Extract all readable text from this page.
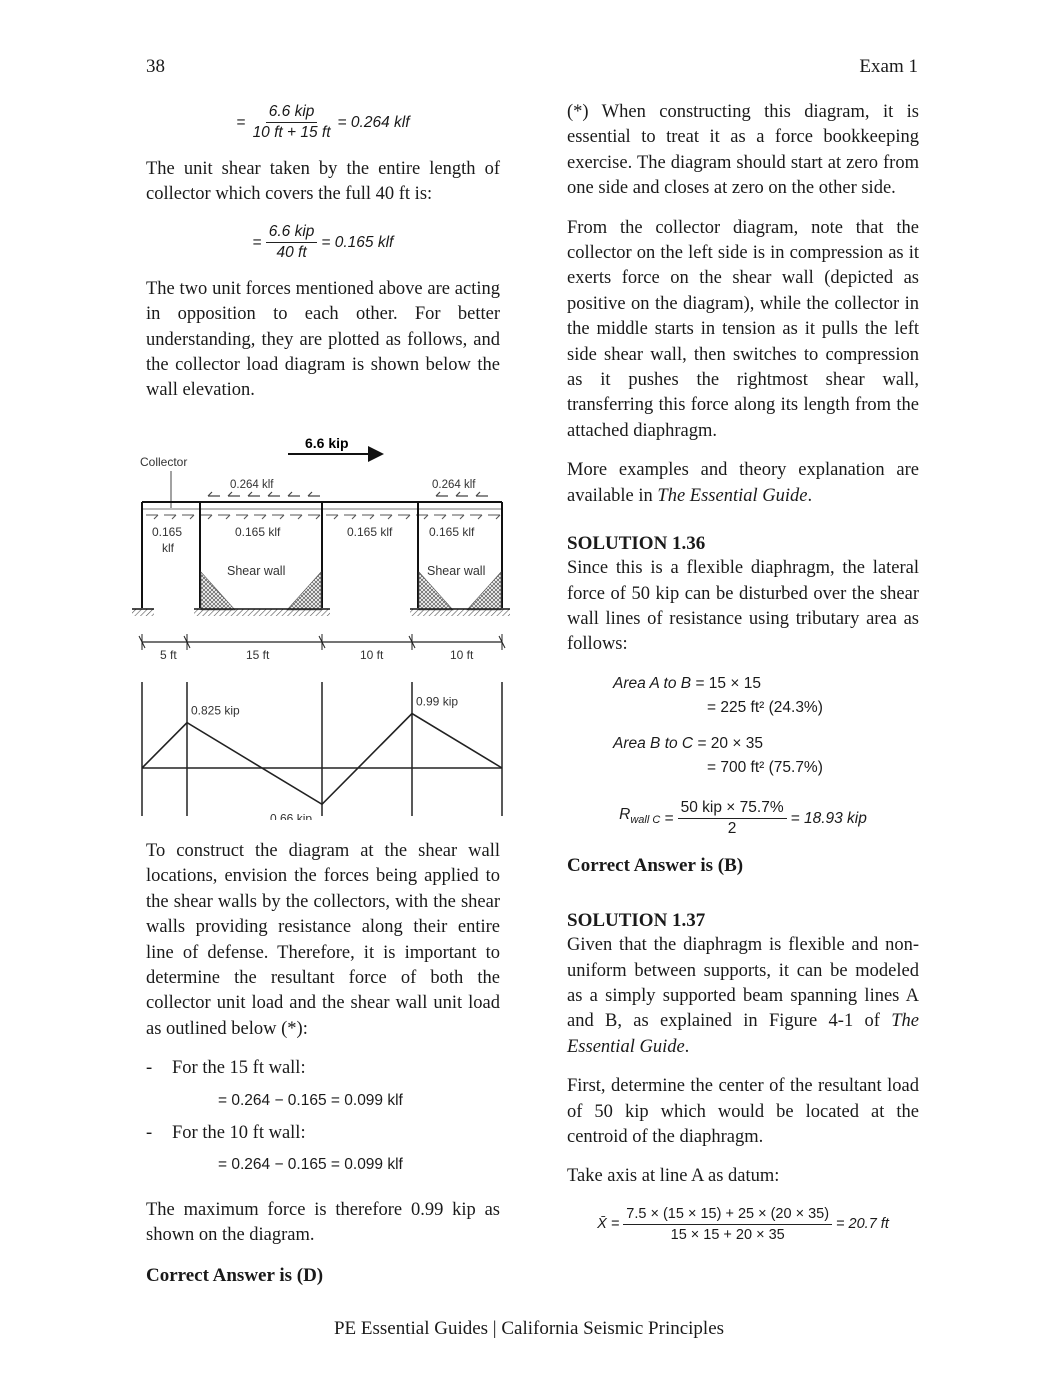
38	Exam 1
= $\frac{\text{6.6 kip}}{10 ft + 15 ft} = 0.264$ klf

The unit shear taken by the entire length of collector which covers the full 40 ft is:

= $\frac{\text{6.6 kip}}{40 ft} = 0.165$ klf

The two unit forces mentioned above are acting in opposition to each other. For better understanding, they are plotted as follows, and the collector load diagram is shown below the wall elevation.

6.6 kip
Collector
0.264 klf	0.264 klf
0.165
klf
0.165 klf	0.165 klf	0.165 klf
Shear wall	Shear wall
5 ft	15 ft	10 ft	10 ft
0.825 kip
0.66 kip
0.99 kip

To construct the diagram at the shear wall locations, envision the forces being applied to the shear walls by the collectors, with the shear walls providing resistance along their entire line of defense. Therefore, it is important to determine the resultant force of both the collector unit load and the shear wall unit load as outlined below (*):

-	For the 15 ft wall:
= 0.264 − 0.165 = 0.099 klf
-	For the 10 ft wall:
= 0.264 − 0.165 = 0.099 klf

The maximum force is therefore 0.99 kip as shown on the diagram.

Correct Answer is (D)

(*) When constructing this diagram, it is essential to treat it as a force bookkeeping exercise. The diagram should start at zero from one side and closes at zero on the other side.

From the collector diagram, note that the collector on the left side is in compression as it exerts force on the shear wall (depicted as positive on the diagram), while the collector in the middle starts in tension as it pulls the left side shear wall, then switches to compression as it pushes the rightmost shear wall, transferring this force along its length from the attached diaphragm.

More examples and theory explanation are available in The Essential Guide.

SOLUTION 1.36

Since this is a flexible diaphragm, the lateral force of 50 kip can be disturbed over the shear wall lines of resistance using tributary area as follows:

Area A to B = 15 × 15
= 225 ft² (24.3%)
Area B to C = 20 × 35
= 700 ft² (75.7%)
$R_{wall C} = \frac{\text{50 kip × 75.7\%}}{2} = 18.93$ kip

Correct Answer is (B)

SOLUTION 1.37

Given that the diaphragm is flexible and non-uniform between supports, it can be modeled as a simply supported beam spanning lines A and B, as explained in Figure 4-1 of The Essential Guide.

First, determine the center of the resultant load of 50 kip which would be located at the centroid of the diaphragm.

Take axis at line A as datum:

X̄ = $\frac{7.5 \times (15 \times 15) + 25 \times (20 \times 35)}{15 \times 15 + 20 \times 35} = 20.7$ ft
PE Essential Guides | California Seismic Principles
